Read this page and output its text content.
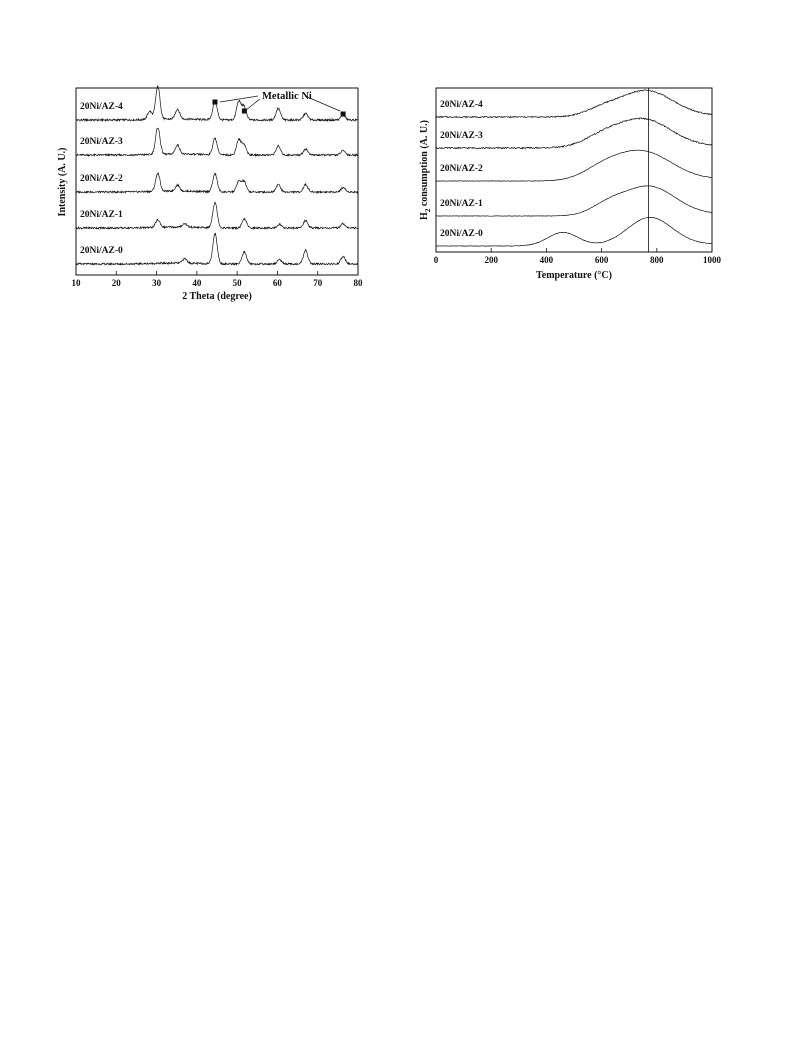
20Ni/AZ-4
20Ni/AZ-3
20Ni/AZ-2
20Ni/AZ-1
20Ni/AZ-0
10	20	30	40	50	60	70	80
Metallic Ni
2 Theta (degree)
Intensity (A. U.)
20Ni/AZ-4
20Ni/AZ-3
20Ni/AZ-2
20Ni/AZ-1
20Ni/AZ-0
0	200	400	600	800	1000
Temperature (°C)
$H_2$ consumption (A. U.)
